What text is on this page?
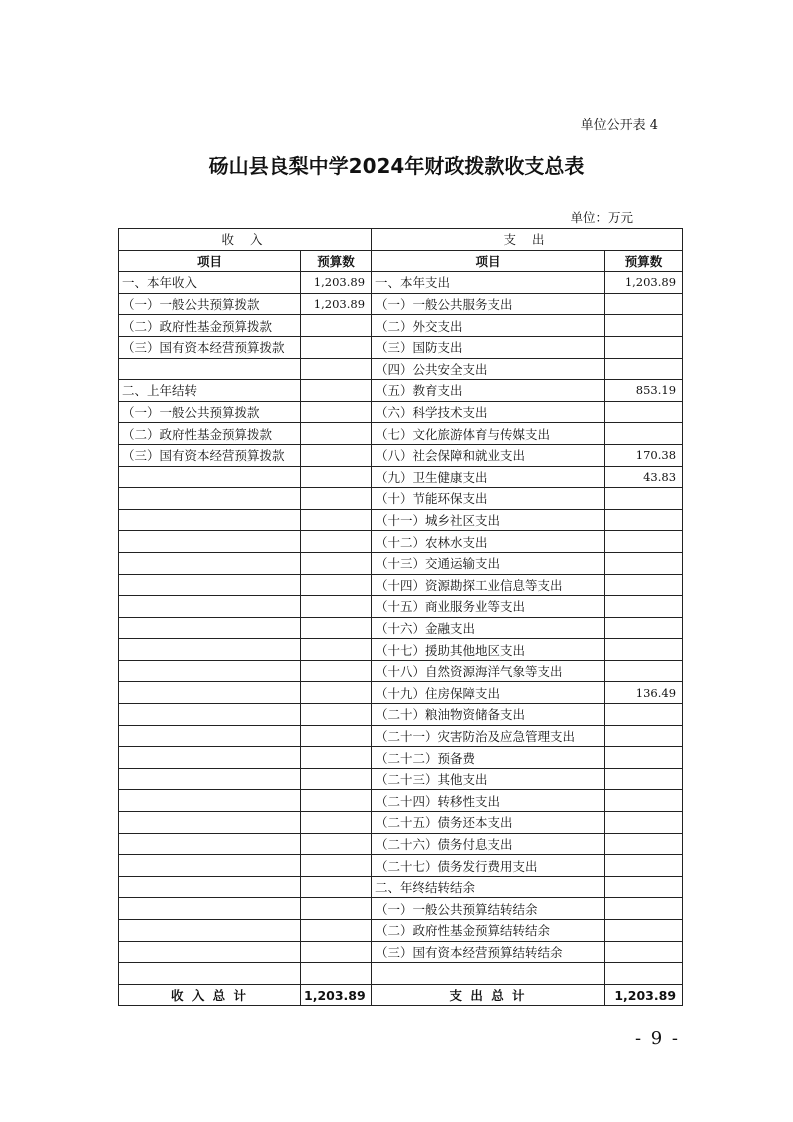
单位公开表 4
砀山县良梨中学2024年财政拨款收支总表
单位：万元
收 入		支 出	
项目	预算数	项目	预算数
一、本年收入	1,203.89	一、本年支出	1,203.89
（一）一般公共预算拨款	1,203.89	（一）一般公共服务支出	
（二）政府性基金预算拨款		（二）外交支出	
（三）国有资本经营预算拨款		（三）国防支出	
		（四）公共安全支出	
二、上年结转		（五）教育支出	853.19
（一）一般公共预算拨款		（六）科学技术支出	
（二）政府性基金预算拨款		（七）文化旅游体育与传媒支出	
（三）国有资本经营预算拨款		（八）社会保障和就业支出	170.38
		（九）卫生健康支出	43.83
		（十）节能环保支出	
		（十一）城乡社区支出	
		（十二）农林水支出	
		（十三）交通运输支出	
		（十四）资源勘探工业信息等支出	
		（十五）商业服务业等支出	
		（十六）金融支出	
		（十七）援助其他地区支出	
		（十八）自然资源海洋气象等支出	
		（十九）住房保障支出	136.49
		（二十）粮油物资储备支出	
		（二十一）灾害防治及应急管理支出	
		（二十二）预备费	
		（二十三）其他支出	
		（二十四）转移性支出	
		（二十五）债务还本支出	
		（二十六）债务付息支出	
		（二十七）债务发行费用支出	
		二、年终结转结余	
		（一）一般公共预算结转结余	
		（二）政府性基金预算结转结余	
		（三）国有资本经营预算结转结余	

收 入 总 计	1,203.89	支 出 总 计	1,203.89
- 9 -
